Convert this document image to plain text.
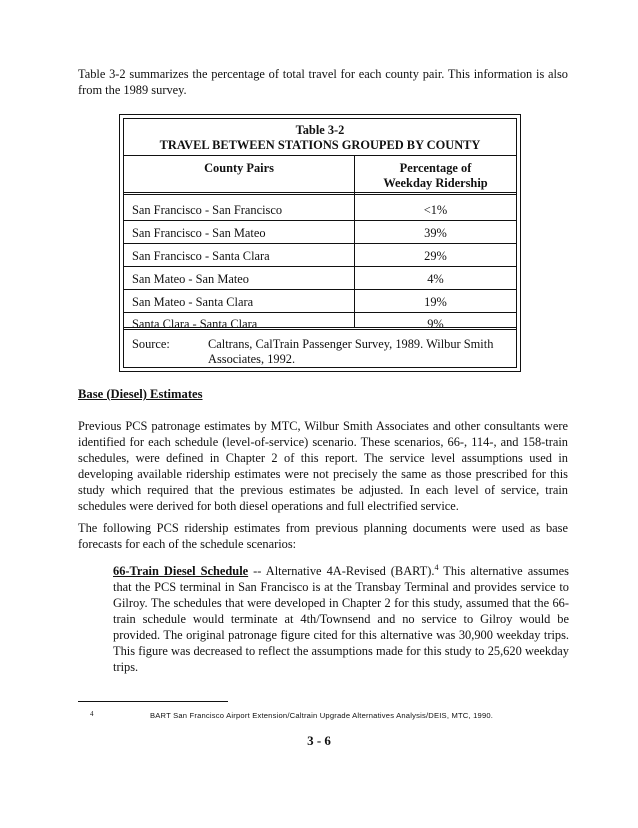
Table 3-2 summarizes the percentage of total travel for each county pair. This information is also from the 1989 survey.

Table 3-2
TRAVEL BETWEEN STATIONS GROUPED BY COUNTY
County Pairs	Percentage of
Weekday Ridership
San Francisco - San Francisco	<1%
San Francisco - San Mateo	39%
San Francisco - Santa Clara	29%
San Mateo - San Mateo	4%
San Mateo - Santa Clara	19%
Santa Clara - Santa Clara	9%
Source:	Caltrans, CalTrain Passenger Survey, 1989. Wilbur Smith Associates, 1992.
Base (Diesel) Estimates

Previous PCS patronage estimates by MTC, Wilbur Smith Associates and other consultants were identified for each schedule (level-of-service) scenario. These scenarios, 66-, 114-, and 158-train schedules, were defined in Chapter 2 of this report. The service level assumptions used in developing available ridership estimates were not precisely the same as those prescribed for this study which required that the previous estimates be adjusted. In each level of service, train schedules were derived for both diesel operations and full electrified service.

The following PCS ridership estimates from previous planning documents were used as base forecasts for each of the schedule scenarios:

66-Train Diesel Schedule -- Alternative 4A-Revised (BART).$^4$ This alternative assumes that the PCS terminal in San Francisco is at the Transbay Terminal and provides service to Gilroy. The schedules that were developed in Chapter 2 for this study, assumed that the 66-train schedule would terminate at 4th/Townsend and no service to Gilroy would be provided. The original patronage figure cited for this alternative was 30,900 weekday trips. This figure was decreased to reflect the assumptions made for this study to 25,620 weekday trips.

4	BART San Francisco Airport Extension/Caltrain Upgrade Alternatives Analysis/DEIS, MTC, 1990.
3 - 6
